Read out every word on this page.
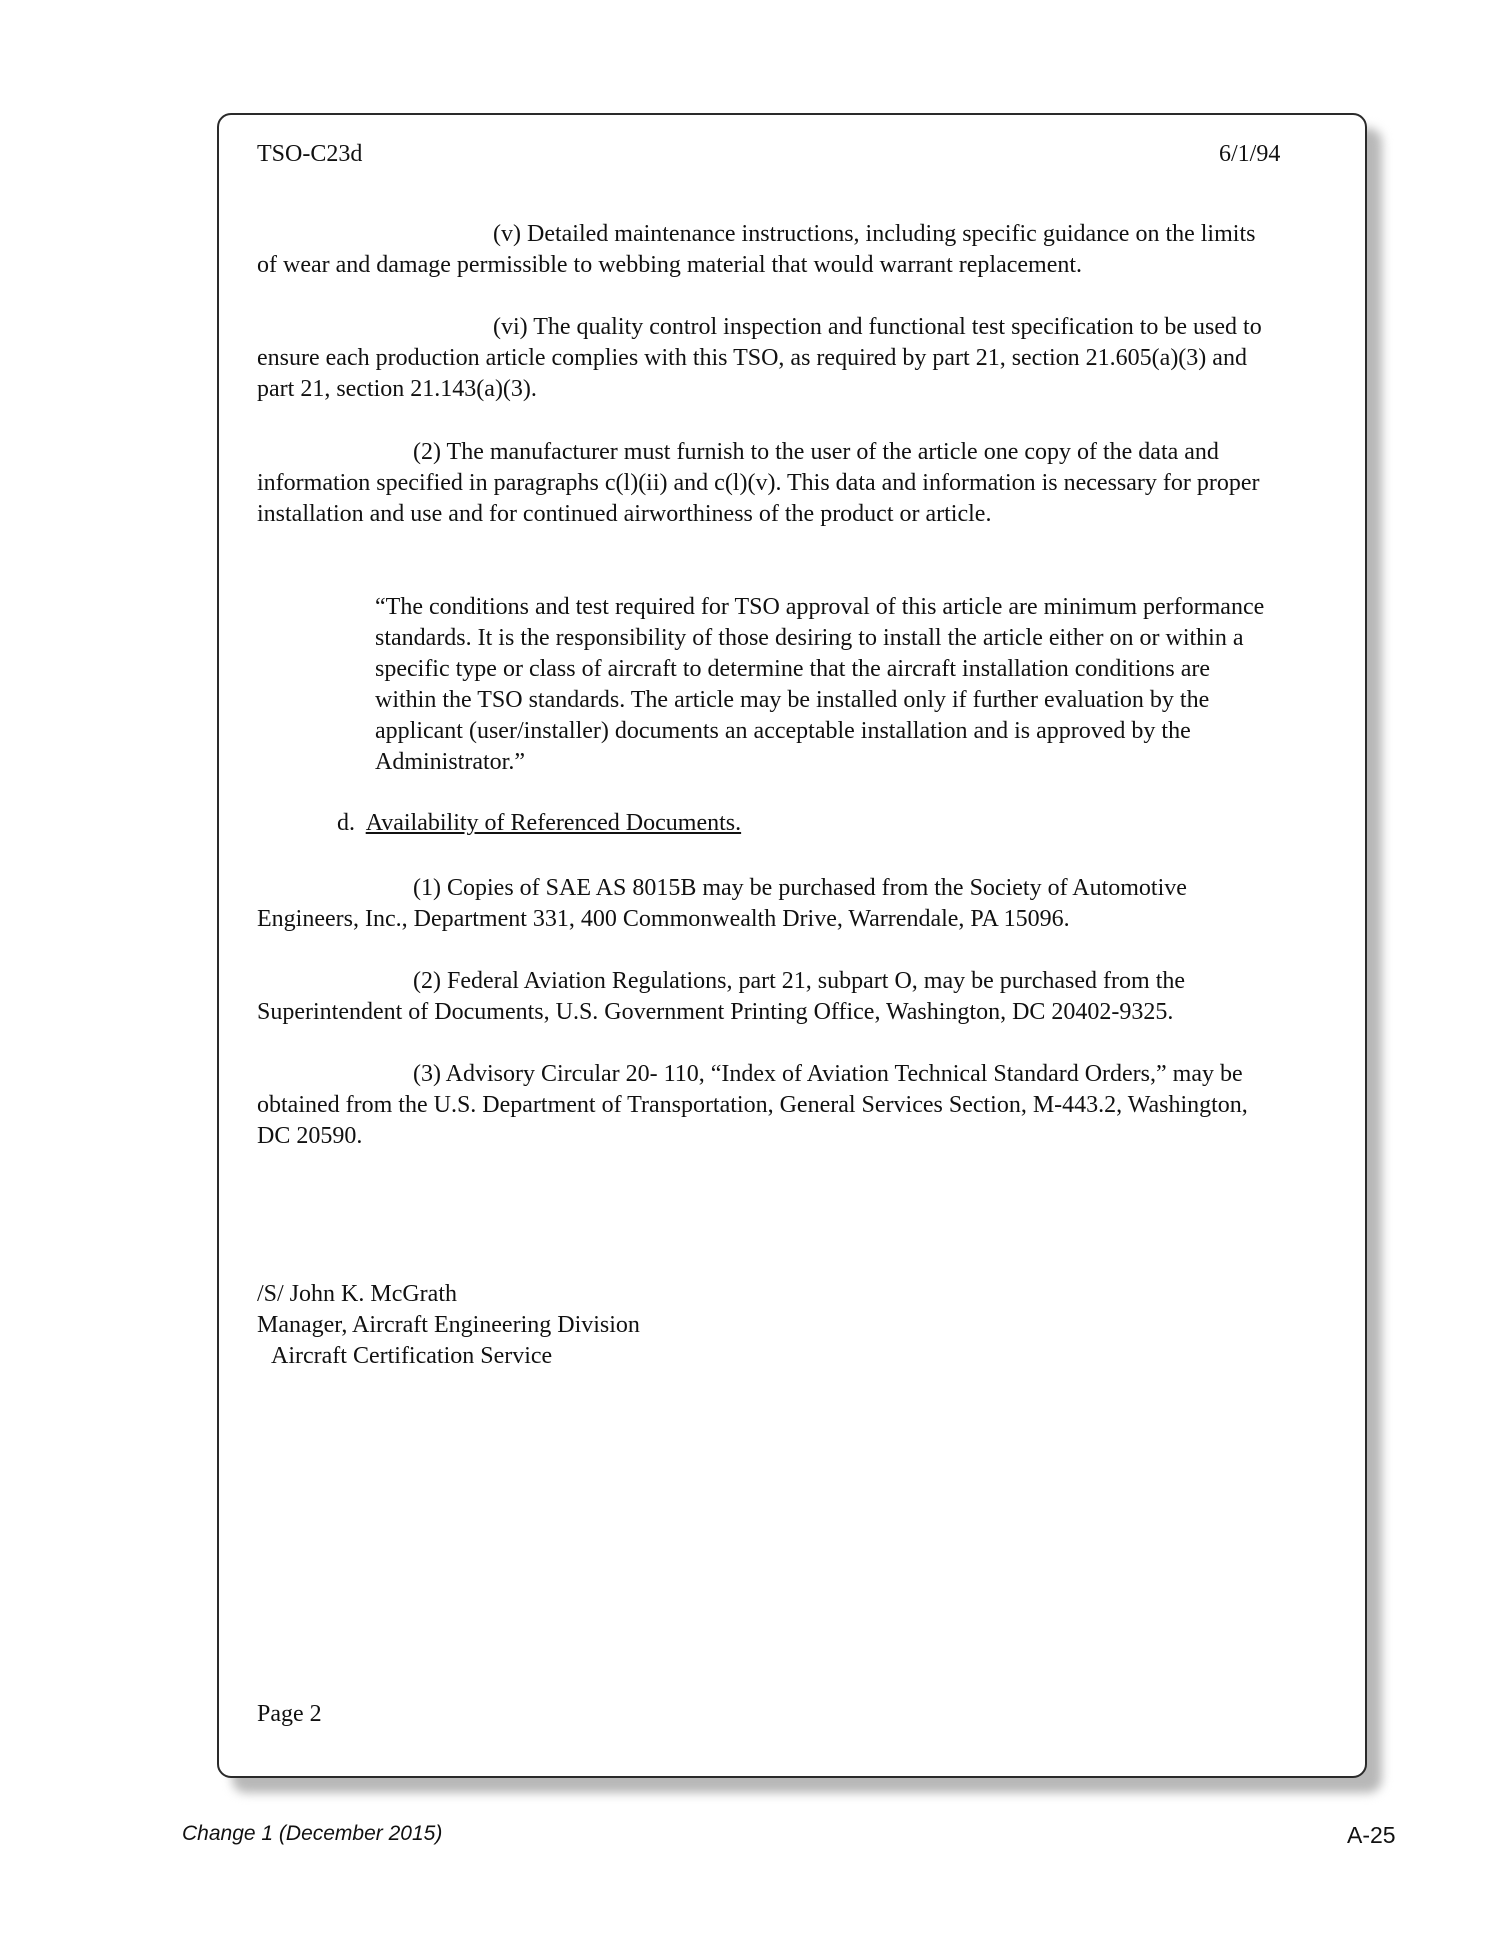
TSO-C23d	6/1/94

(v) Detailed maintenance instructions, including specific guidance on the limits of wear and damage permissible to webbing material that would warrant replacement.

(vi) The quality control inspection and functional test specification to be used to ensure each production article complies with this TSO, as required by part 21, section 21.605(a)(3) and part 21, section 21.143(a)(3).

(2) The manufacturer must furnish to the user of the article one copy of the data and information specified in paragraphs c(l)(ii) and c(l)(v). This data and information is necessary for proper installation and use and for continued airworthiness of the product or article.

“The conditions and test required for TSO approval of this article are minimum performance standards. It is the responsibility of those desiring to install the article either on or within a specific type or class of aircraft to determine that the aircraft installation conditions are within the TSO standards. The article may be installed only if further evaluation by the applicant (user/installer) documents an acceptable installation and is approved by the Administrator.”

d. Availability of Referenced Documents.

(1) Copies of SAE AS 8015B may be purchased from the Society of Automotive Engineers, Inc., Department 331, 400 Commonwealth Drive, Warrendale, PA 15096.

(2) Federal Aviation Regulations, part 21, subpart O, may be purchased from the Superintendent of Documents, U.S. Government Printing Office, Washington, DC 20402-9325.

(3) Advisory Circular 20- 110, “Index of Aviation Technical Standard Orders,” may be obtained from the U.S. Department of Transportation, General Services Section, M-443.2, Washington, DC 20590.

/S/ John K. McGrath
Manager, Aircraft Engineering Division
Aircraft Certification Service
Page 2
Change 1 (December 2015)	A-25
